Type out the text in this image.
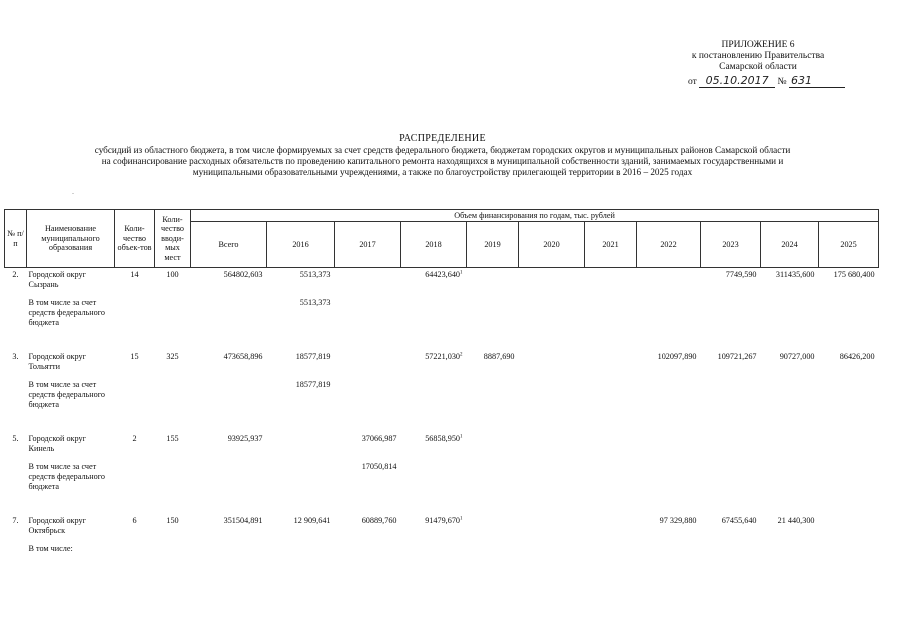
ПРИЛОЖЕНИЕ 6
к постановлению Правительства
Самарской области
от 05.10.2017 № 631
РАСПРЕДЕЛЕНИЕ
субсидий из областного бюджета, в том числе формируемых за счет средств федерального бюджета, бюджетам городских округов и муниципальных районов Самарской области
на софинансирование расходных обязательств по проведению капитального ремонта находящихся в муниципальной собственности зданий, занимаемых государственными и
муниципальными образовательными учреждениями, а также по благоустройству прилегающей территории в 2016 – 2025 годах
.
№ п/п	Наименование муниципального образования	Коли-чество объек-тов	Коли-чество вводи-мых мест	Объем финансирования по годам, тыс. рублей										
				Всего	2016	2017	2018	2019	2020	2021	2022	2023	2024	2025
2.	Городской округ Сызрань	14	100	564802,603	5513,373		64423,640$^1$					7749,590	311435,600	175 680,400
	В том числе за счет средств федерального бюджета				5513,373									
3.	Городской округ Тольятти	15	325	473658,896	18577,819		57221,030$^2$	8887,690			102097,890	109721,267	90727,000	86426,200
	В том числе за счет средств федерального бюджета				18577,819									
5.	Городской округ Кинель	2	155	93925,937		37066,987	56858,950$^1$							
	В том числе за счет средств федерального бюджета					17050,814								
7.	Городской округ Октябрьск	6	150	351504,891	12 909,641	60889,760	91479,670$^1$				97 329,880	67455,640	21 440,300	
	В том числе:													
